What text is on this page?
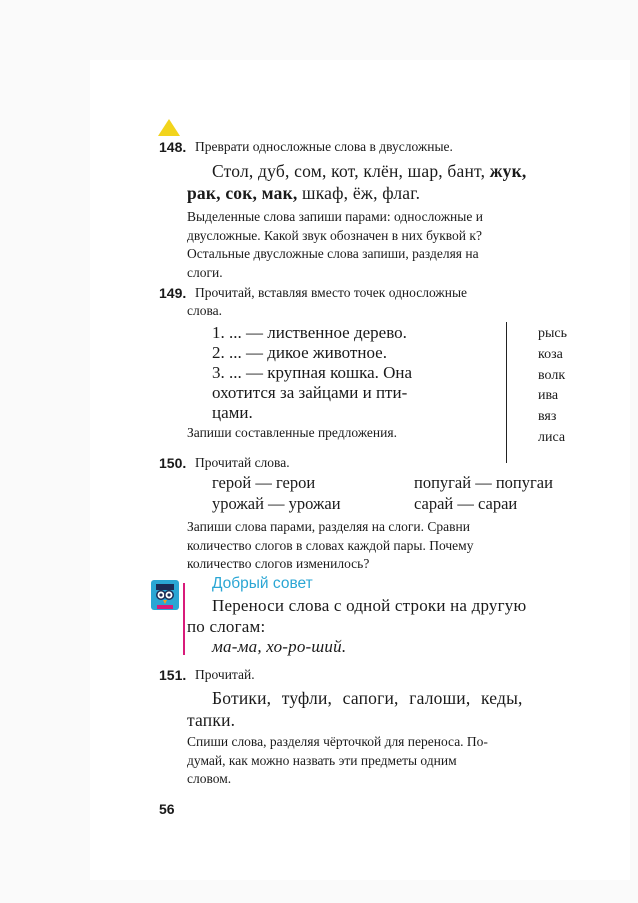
148. Преврати односложные слова в двусложные.
Стол, дуб, сом, кот, клён, шар, бант, жук,
рак, сок, мак, шкаф, ёж, флаг.
Выделенные слова запиши парами: односложные и
двусложные. Какой звук обозначен в них буквой к?
Остальные двусложные слова запиши, разделяя на
слоги.
149. Прочитай, вставляя вместо точек односложные
слова.
1. ... — лиственное дерево.
2. ... — дикое животное.
3. ... — крупная кошка. Она
охотится за зайцами и пти-
цами.
рысь
коза
волк
ива
вяз
лиса
Запиши составленные предложения.
150. Прочитай слова.
герой — герои	попугай — попугаи
урожай — урожаи	сарай — сараи
Запиши слова парами, разделяя на слоги. Сравни
количество слогов в словах каждой пары. Почему
количество слогов изменилось?
Добрый совет
Переноси слова с одной строки на другую
по слогам:
ма-ма, хо-ро-ший.
151. Прочитай.
Ботики, туфли, сапоги, галоши, кеды,
тапки.
Спиши слова, разделяя чёрточкой для переноса. По-
думай, как можно назвать эти предметы одним
словом.
56
